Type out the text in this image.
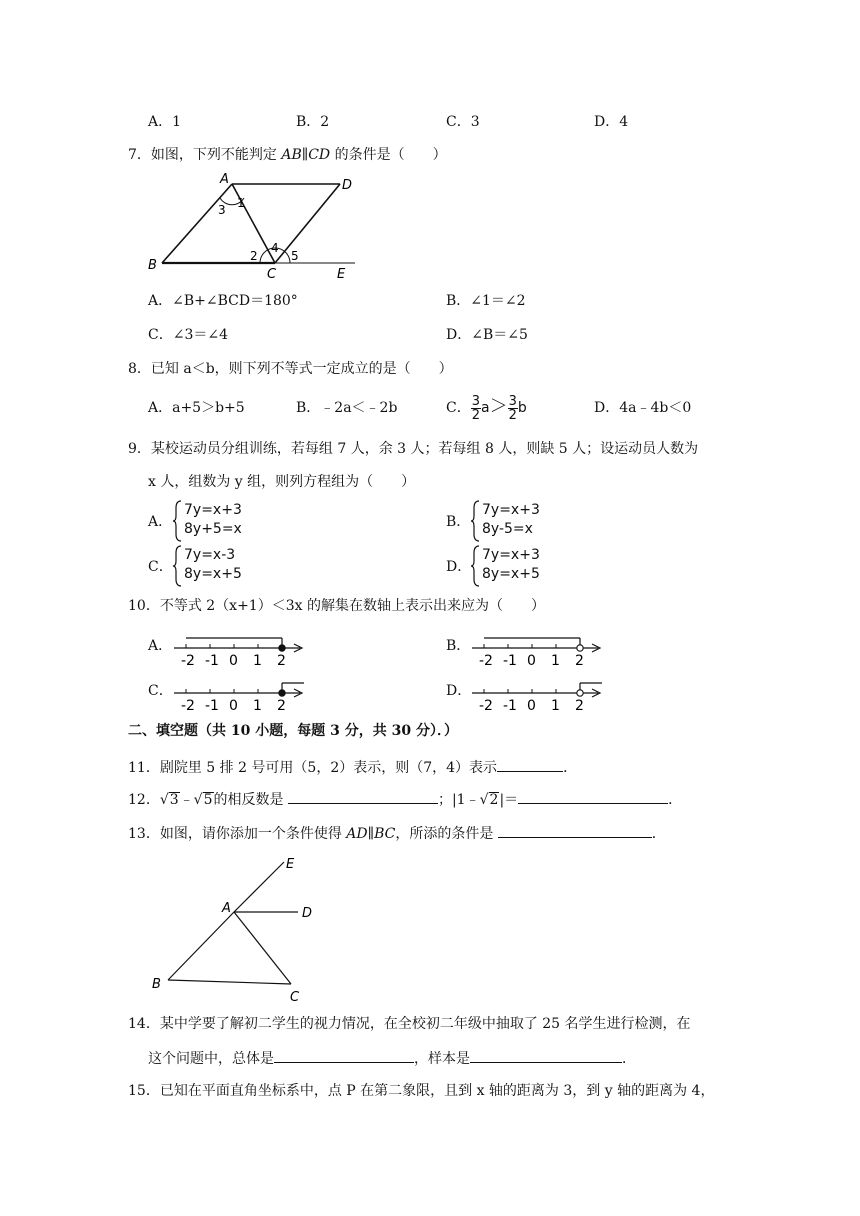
A．1	B．2	C．3	D．4
7．如图，下列不能判定 AB∥CD 的条件是（　　）
A	D
B
C	E
1
2
3
4
5
A．∠B+∠BCD＝180°	B．∠1＝∠2
C．∠3＝∠4	D．∠B＝∠5
8．已知 a＜b，则下列不等式一定成立的是（　　）
A．a+5＞b+5	B．﹣2a＜﹣2b	C． $\frac{3}{2} a> \frac{3}{2}$ b	D．4a﹣4b＜0
9．某校运动员分组训练，若每组 7 人，余 3 人；若每组 8 人，则缺 5 人；设运动员人数为
x 人，组数为 y 组，则列方程组为（　　）
A．
7y=x+3
8y+5=x	B．
7y=x+3
8y-5=x
C．
7y=x-3
8y=x+5	D．
7y=x+3
8y=x+5
10．不等式 2（x+1）＜3x 的解集在数轴上表示出来应为（　　）
A．
-2 -1 0 1 2
B．
-2 -1 0 1 2
C．
-2 -1 0 1 2
D．
-2 -1 0 1 2
二、填空题（共 10 小题，每题 3 分，共 30 分）．）
11．剧院里 5 排 2 号可用（5，2）表示，则（7，4）表示	．
12．√3﹣√5的相反数是	；|1﹣√2|＝	．
13．如图，请你添加一个条件使得 AD∥BC，所添的条件是	．
E
A	D
B
C
14．某中学要了解初二学生的视力情况，在全校初二年级中抽取了 25 名学生进行检测，在
这个问题中，总体是	，样本是	．
15．已知在平面直角坐标系中，点 P 在第二象限，且到 x 轴的距离为 3，到 y 轴的距离为 4，
